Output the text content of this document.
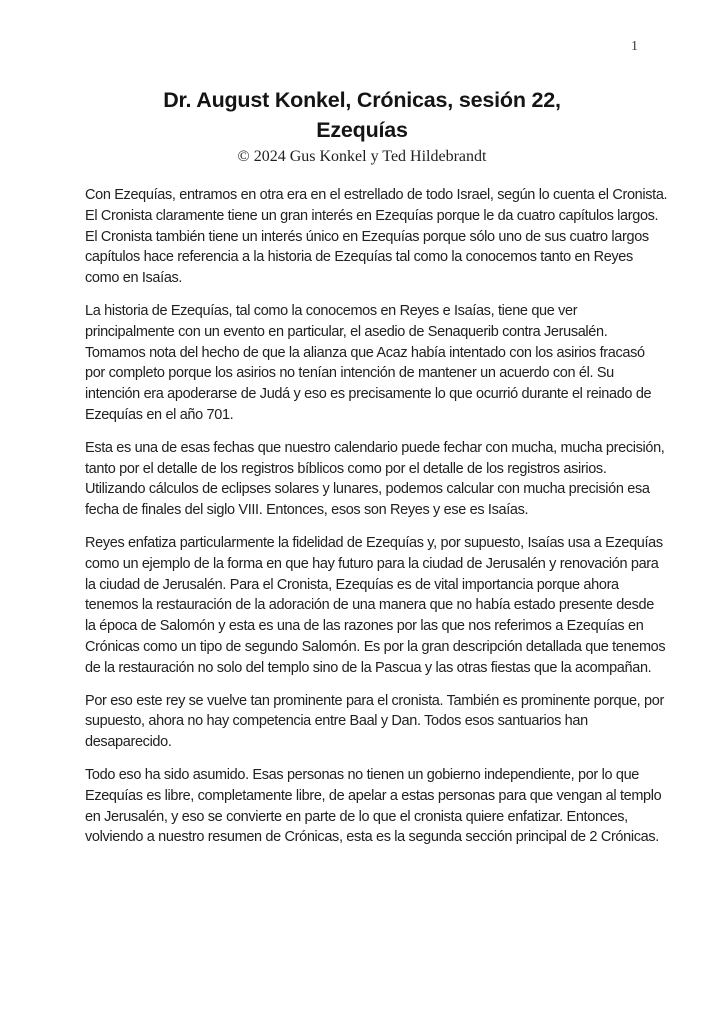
1
Dr. August Konkel, Crónicas, sesión 22,
Ezequías
© 2024 Gus Konkel y Ted Hildebrandt

Con Ezequías, entramos en otra era en el estrellado de todo Israel, según lo cuenta el Cronista. El Cronista claramente tiene un gran interés en Ezequías porque le da cuatro capítulos largos. El Cronista también tiene un interés único en Ezequías porque sólo uno de sus cuatro largos capítulos hace referencia a la historia de Ezequías tal como la conocemos tanto en Reyes como en Isaías.

La historia de Ezequías, tal como la conocemos en Reyes e Isaías, tiene que ver principalmente con un evento en particular, el asedio de Senaquerib contra Jerusalén. Tomamos nota del hecho de que la alianza que Acaz había intentado con los asirios fracasó por completo porque los asirios no tenían intención de mantener un acuerdo con él. Su intención era apoderarse de Judá y eso es precisamente lo que ocurrió durante el reinado de Ezequías en el año 701.

Esta es una de esas fechas que nuestro calendario puede fechar con mucha, mucha precisión, tanto por el detalle de los registros bíblicos como por el detalle de los registros asirios. Utilizando cálculos de eclipses solares y lunares, podemos calcular con mucha precisión esa fecha de finales del siglo VIII. Entonces, esos son Reyes y ese es Isaías.

Reyes enfatiza particularmente la fidelidad de Ezequías y, por supuesto, Isaías usa a Ezequías como un ejemplo de la forma en que hay futuro para la ciudad de Jerusalén y renovación para la ciudad de Jerusalén. Para el Cronista, Ezequías es de vital importancia porque ahora tenemos la restauración de la adoración de una manera que no había estado presente desde la época de Salomón y esta es una de las razones por las que nos referimos a Ezequías en Crónicas como un tipo de segundo Salomón. Es por la gran descripción detallada que tenemos de la restauración no solo del templo sino de la Pascua y las otras fiestas que la acompañan.

Por eso este rey se vuelve tan prominente para el cronista. También es prominente porque, por supuesto, ahora no hay competencia entre Baal y Dan. Todos esos santuarios han desaparecido.

Todo eso ha sido asumido. Esas personas no tienen un gobierno independiente, por lo que Ezequías es libre, completamente libre, de apelar a estas personas para que vengan al templo en Jerusalén, y eso se convierte en parte de lo que el cronista quiere enfatizar. Entonces, volviendo a nuestro resumen de Crónicas, esta es la segunda sección principal de 2 Crónicas.
